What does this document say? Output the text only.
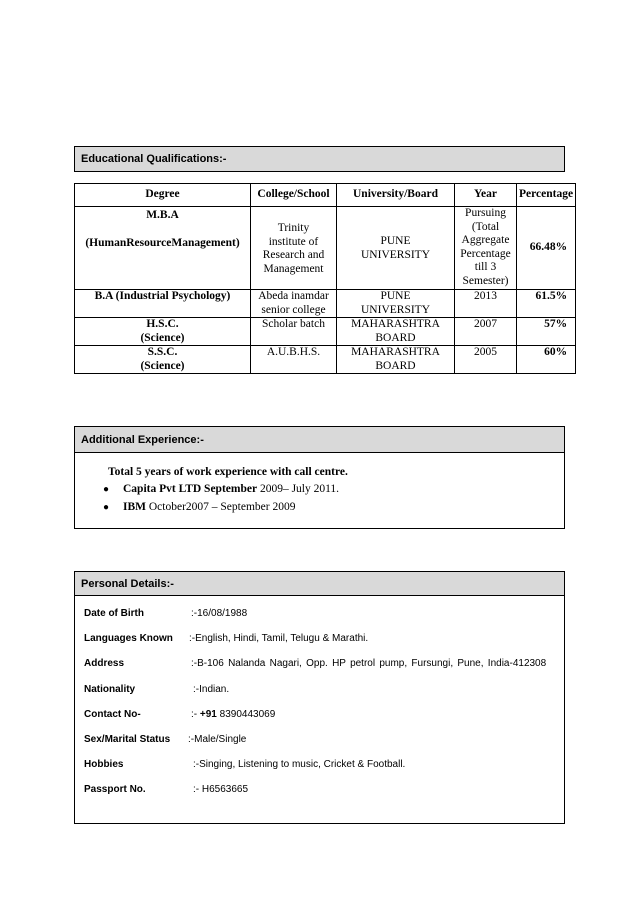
Educational Qualifications:-
Degree	College/School	University/Board	Year	Percentage

M.B.A
(HumanResourceManagement)	Trinity institute of Research and Management	PUNE UNIVERSITY	Pursuing (Total Aggregate Percentage till 3 Semester)	66.48%

B.A (Industrial Psychology)	Abeda inamdar senior college	PUNE UNIVERSITY	2013	61.5%

H.S.C.
(Science)	Scholar batch	MAHARASHTRA BOARD	2007	57%

S.S.C.
(Science)	A.U.B.H.S.	MAHARASHTRA BOARD	2005	60%
Additional Experience:-
Total 5 years of work experience with call centre.
● Capita Pvt LTD September 2009– July 2011.
● IBM October2007 – September 2009
Personal Details:-
Date of Birth	:-16/08/1988
Languages Known :-English, Hindi, Tamil, Telugu & Marathi.
Address	:-B-106 Nalanda Nagari, Opp. HP petrol pump, Fursungi, Pune, India-412308
Nationality	:-Indian.
Contact No-	:- +91 8390443069
Sex/Marital Status :-Male/Single
Hobbies	:-Singing, Listening to music, Cricket & Football.
Passport No.	:- H6563665
